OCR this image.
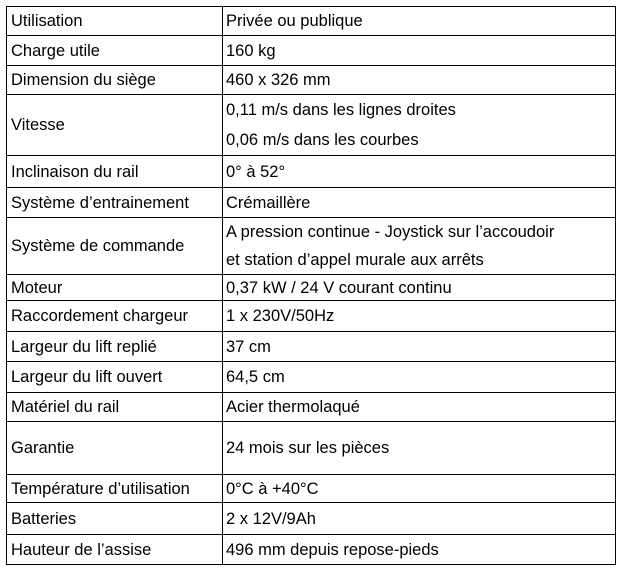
Utilisation	Privée ou publique

Charge utile	160 kg

Dimension du siège	460 x 326 mm

Vitesse	0,11 m/s dans les lignes droites
0,06 m/s dans les courbes

Inclinaison du rail	0° à 52°

Système d’entrainement	Crémaillère

Système de commande	A pression continue - Joystick sur l’accoudoir
et station d’appel murale aux arrêts

Moteur	0,37 kW / 24 V courant continu

Raccordement chargeur	1 x 230V/50Hz

Largeur du lift replié	37 cm

Largeur du lift ouvert	64,5 cm

Matériel du rail	Acier thermolaqué

Garantie	24 mois sur les pièces

Température d’utilisation	0°C à +40°C

Batteries	2 x 12V/9Ah

Hauteur de l’assise	496 mm depuis repose-pieds
